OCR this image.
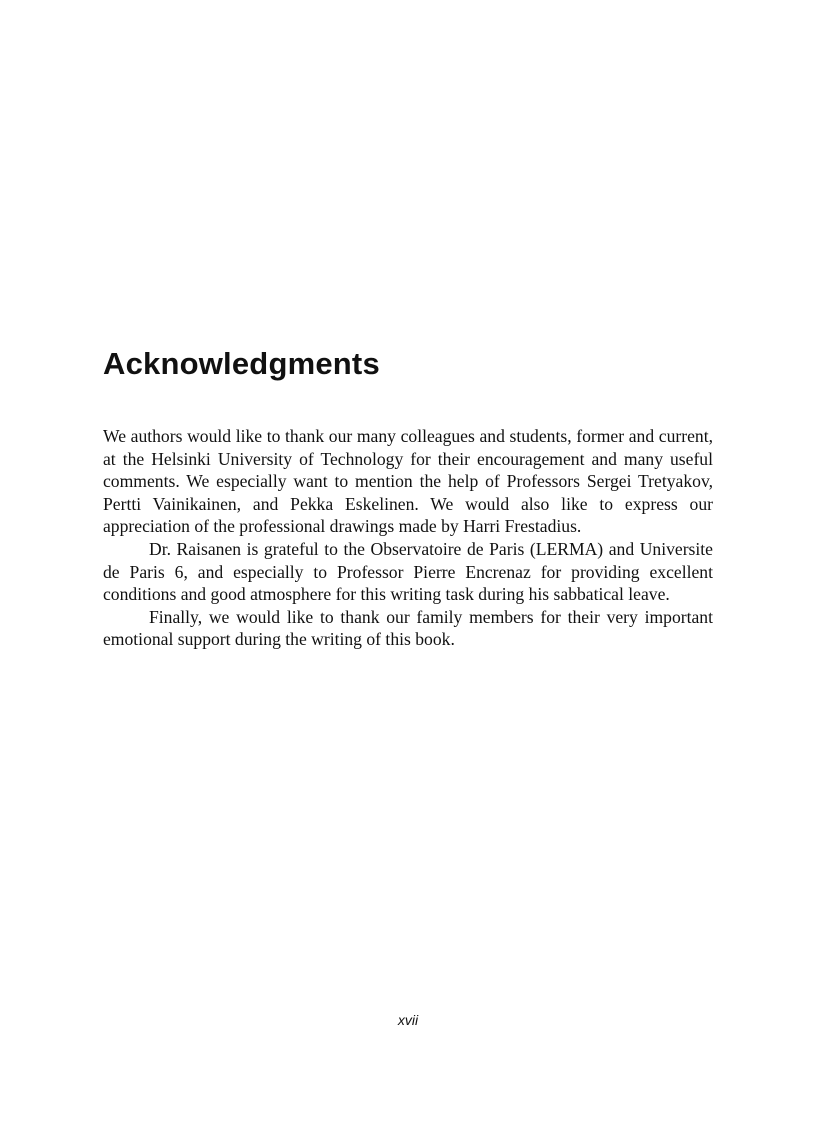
Acknowledgments

We authors would like to thank our many colleagues and students, former and current, at the Helsinki University of Technology for their encouragement and many useful comments. We especially want to mention the help of Professors Sergei Tretyakov, Pertti Vainikainen, and Pekka Eskelinen. We would also like to express our appreciation of the professional drawings made by Harri Frestadius.

Dr. Raisanen is grateful to the Observatoire de Paris (LERMA) and Universite de Paris 6, and especially to Professor Pierre Encrenaz for providing excellent conditions and good atmosphere for this writing task during his sabbatical leave.

Finally, we would like to thank our family members for their very important emotional support during the writing of this book.

xvii
